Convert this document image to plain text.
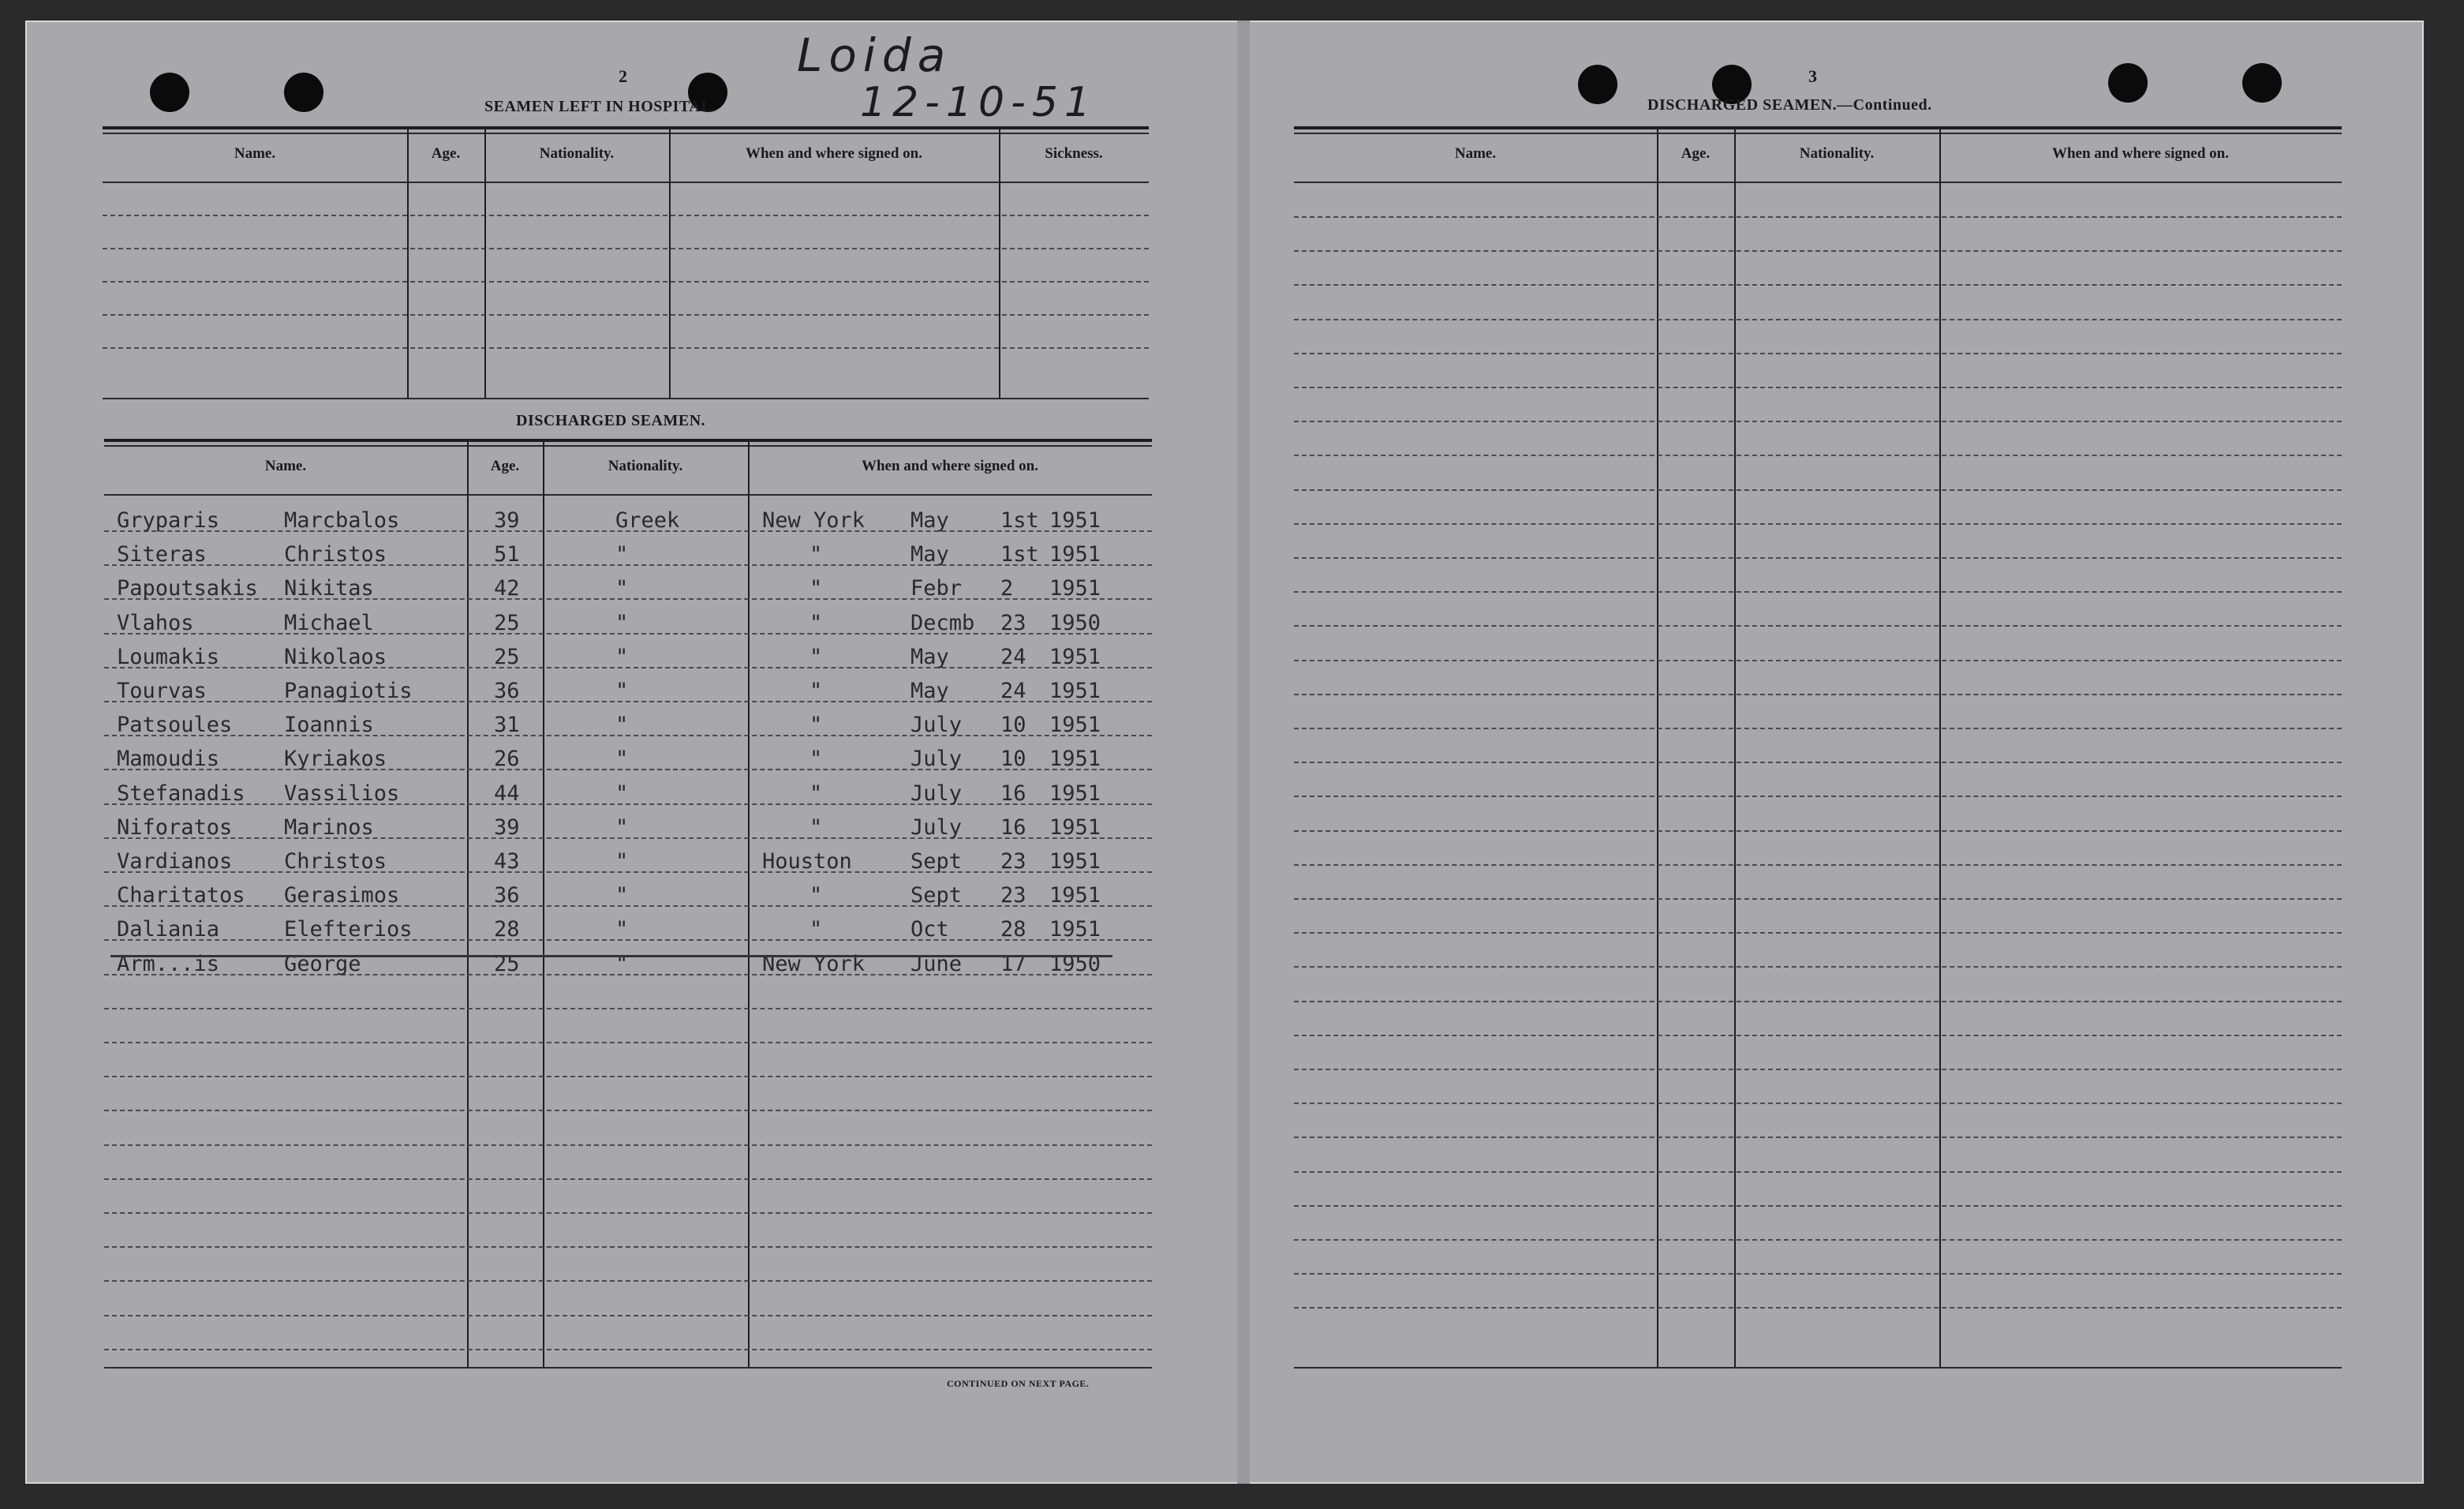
Loida
12-10-51
2
SEAMEN LEFT IN HOSPITAL.
Name.	Age.	Nationality.	When and where signed on.	Sickness.
DISCHARGED SEAMEN.
Name.	Age.	Nationality.	When and where signed on.
Gryparis	Marcbalos	39	Greek	New York May 1st 1951
Siteras	Christos	51	"	"	May 1st 1951
Papoutsakis Nikitas	42	"	"	Febr 2 1951
Vlahos	Michael	25	"	"	Decmb 23 1950
Loumakis	Nikolaos	25	"	"	May 24 1951
Tourvas	Panagiotis	36	"	"	May 24 1951
Patsoules Ioannis	31	"	"	July 10 1951
Mamoudis	Kyriakos	26	"	"	July 10 1951
Stefanadis Vassilios	44	"	"	July 16 1951
Niforatos Marinos	39	"	"	July 16 1951
Vardianos Christos	43	"	Houston	Sept 23 1951
Charitatos Gerasimos	36	"	"	Sept 23 1951
Daliania	Elefterios	28	"	"	Oct 28 1951
Arm...is	George	25	"	New York June 17 1950
CONTINUED ON NEXT PAGE.
3
DISCHARGED SEAMEN.—Continued.
Name.	Age.	Nationality.	When and where signed on.
